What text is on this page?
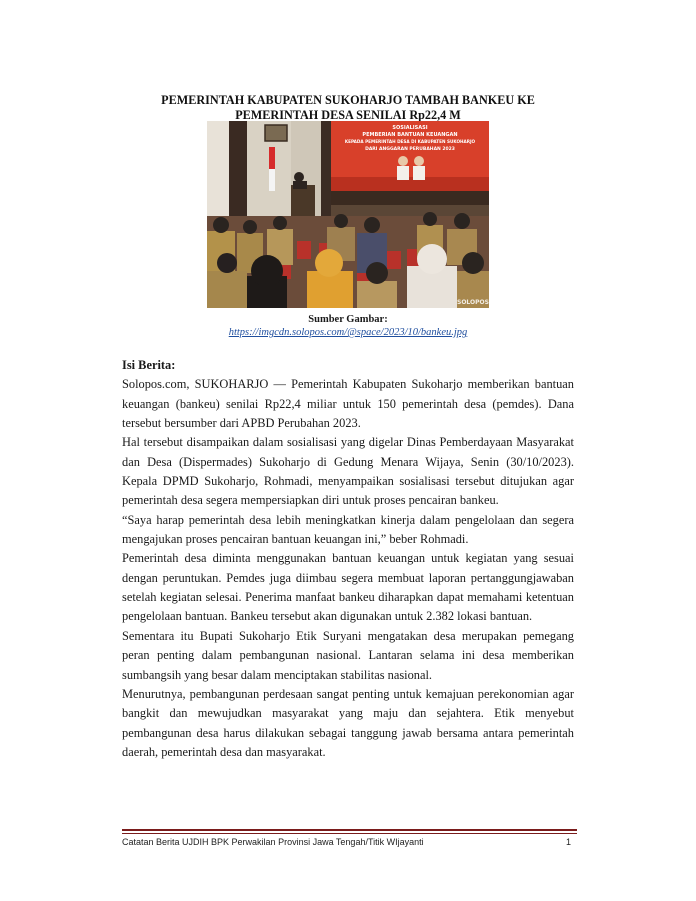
PEMERINTAH KABUPATEN SUKOHARJO TAMBAH BANKEU KE PEMERINTAH DESA SENILAI Rp22,4 M
SOSIALISASI
PEMBERIAN BANTUAN KEUANGAN
KEPADA PEMERINTAH DESA DI KABUPATEN SUKOHARJO
DARI ANGGARAN PERUBAHAN 2023
SOLOPOS
Sumber Gambar:
https://imgcdn.solopos.com/@space/2023/10/bankeu.jpg
Isi Berita:

Solopos.com, SUKOHARJO — Pemerintah Kabupaten Sukoharjo memberikan bantuan keuangan (bankeu) senilai Rp22,4 miliar untuk 150 pemerintah desa (pemdes). Dana tersebut bersumber dari APBD Perubahan 2023.

Hal tersebut disampaikan dalam sosialisasi yang digelar Dinas Pemberdayaan Masyarakat dan Desa (Dispermades) Sukoharjo di Gedung Menara Wijaya, Senin (30/10/2023). Kepala DPMD Sukoharjo, Rohmadi, menyampaikan sosialisasi tersebut ditujukan agar pemerintah desa segera mempersiapkan diri untuk proses pencairan bankeu.

“Saya harap pemerintah desa lebih meningkatkan kinerja dalam pengelolaan dan segera mengajukan proses pencairan bantuan keuangan ini,” beber Rohmadi.

Pemerintah desa diminta menggunakan bantuan keuangan untuk kegiatan yang sesuai dengan peruntukan. Pemdes juga diimbau segera membuat laporan pertanggungjawaban setelah kegiatan selesai. Penerima manfaat bankeu diharapkan dapat memahami ketentuan pengelolaan bantuan. Bankeu tersebut akan digunakan untuk 2.382 lokasi bantuan.

Sementara itu Bupati Sukoharjo Etik Suryani mengatakan desa merupakan pemegang peran penting dalam pembangunan nasional. Lantaran selama ini desa memberikan sumbangsih yang besar dalam menciptakan stabilitas nasional.

Menurutnya, pembangunan perdesaan sangat penting untuk kemajuan perekonomian agar bangkit dan mewujudkan masyarakat yang maju dan sejahtera. Etik menyebut pembangunan desa harus dilakukan sebagai tanggung jawab bersama antara pemerintah daerah, pemerintah desa dan masyarakat.

Catatan Berita UJDIH BPK Perwakilan Provinsi Jawa Tengah/Titik WIjayanti	1
